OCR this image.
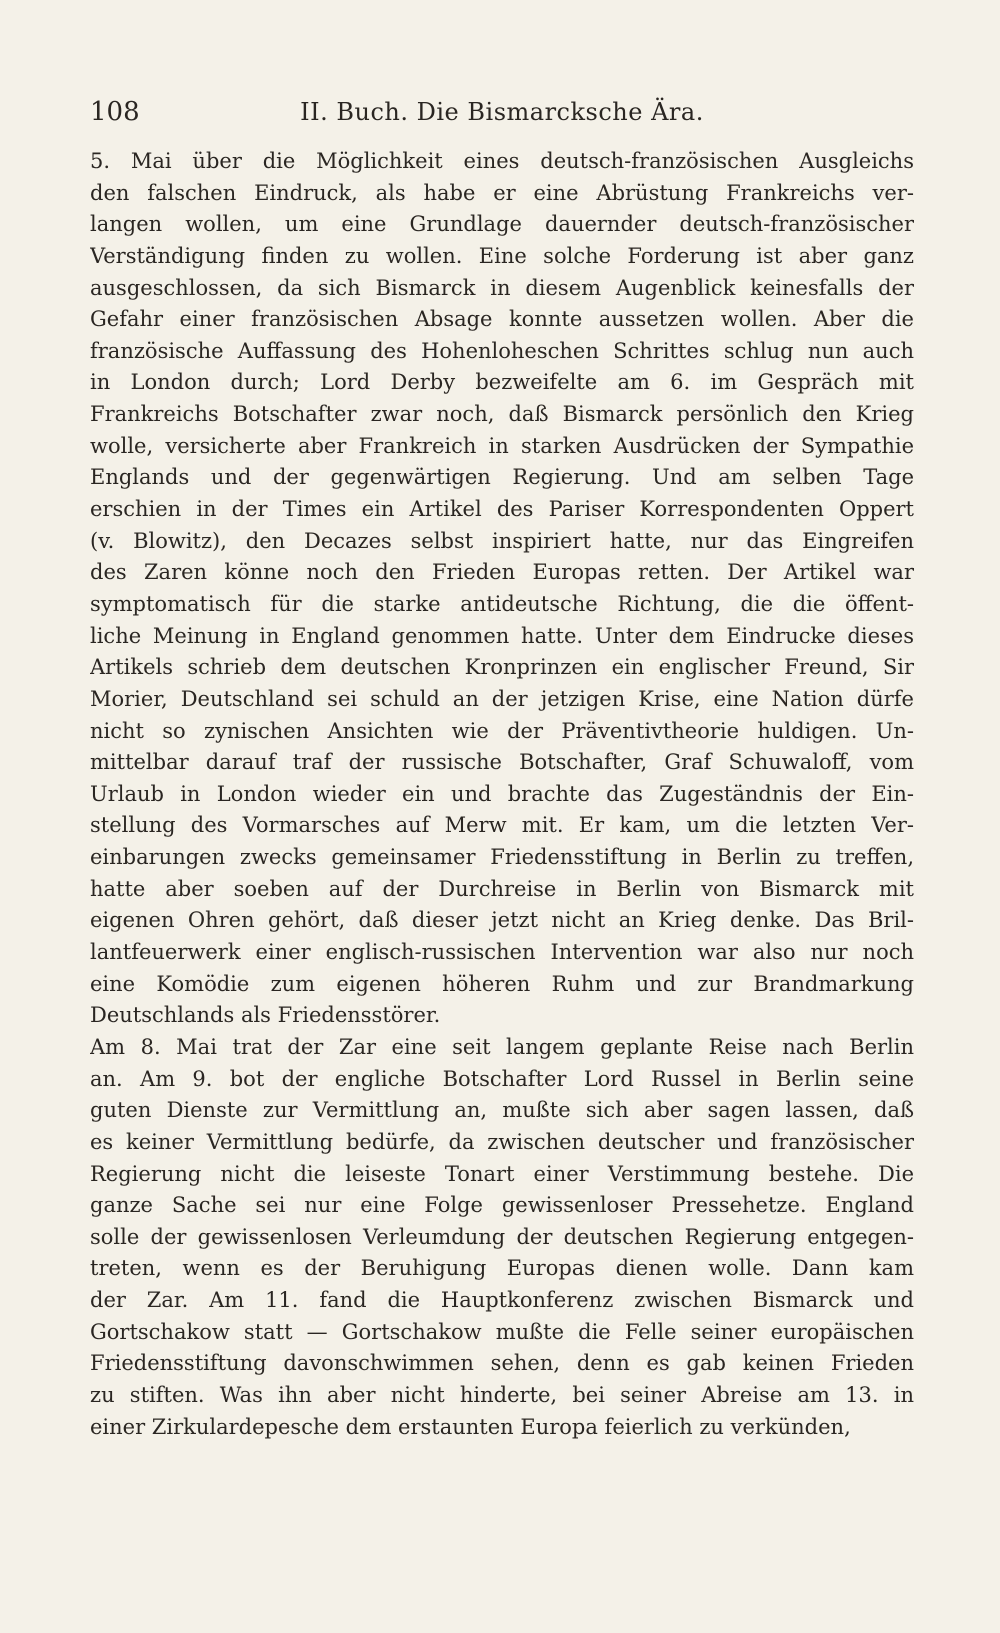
108	II. Buch. Die Bismarcksche Ära.
5. Mai über die Möglichkeit eines deutsch-französischen Ausgleichs
den falschen Eindruck, als habe er eine Abrüstung Frankreichs ver-
langen wollen, um eine Grundlage dauernder deutsch-französischer
Verständigung finden zu wollen. Eine solche Forderung ist aber ganz
ausgeschlossen, da sich Bismarck in diesem Augenblick keinesfalls der
Gefahr einer französischen Absage konnte aussetzen wollen. Aber die
französische Auffassung des Hohenloheschen Schrittes schlug nun auch
in London durch; Lord Derby bezweifelte am 6. im Gespräch mit
Frankreichs Botschafter zwar noch, daß Bismarck persönlich den Krieg
wolle, versicherte aber Frankreich in starken Ausdrücken der Sympathie
Englands und der gegenwärtigen Regierung. Und am selben Tage
erschien in der Times ein Artikel des Pariser Korrespondenten Oppert
(v. Blowitz), den Decazes selbst inspiriert hatte, nur das Eingreifen
des Zaren könne noch den Frieden Europas retten. Der Artikel war
symptomatisch für die starke antideutsche Richtung, die die öffent-
liche Meinung in England genommen hatte. Unter dem Eindrucke dieses
Artikels schrieb dem deutschen Kronprinzen ein englischer Freund, Sir
Morier, Deutschland sei schuld an der jetzigen Krise, eine Nation dürfe
nicht so zynischen Ansichten wie der Präventivtheorie huldigen. Un-
mittelbar darauf traf der russische Botschafter, Graf Schuwaloff, vom
Urlaub in London wieder ein und brachte das Zugeständnis der Ein-
stellung des Vormarsches auf Merw mit. Er kam, um die letzten Ver-
einbarungen zwecks gemeinsamer Friedensstiftung in Berlin zu treffen,
hatte aber soeben auf der Durchreise in Berlin von Bismarck mit
eigenen Ohren gehört, daß dieser jetzt nicht an Krieg denke. Das Bril-
lantfeuerwerk einer englisch-russischen Intervention war also nur noch
eine Komödie zum eigenen höheren Ruhm und zur Brandmarkung
Deutschlands als Friedensstörer.
Am 8. Mai trat der Zar eine seit langem geplante Reise nach Berlin
an. Am 9. bot der engliche Botschafter Lord Russel in Berlin seine
guten Dienste zur Vermittlung an, mußte sich aber sagen lassen, daß
es keiner Vermittlung bedürfe, da zwischen deutscher und französischer
Regierung nicht die leiseste Tonart einer Verstimmung bestehe. Die
ganze Sache sei nur eine Folge gewissenloser Pressehetze. England
solle der gewissenlosen Verleumdung der deutschen Regierung entgegen-
treten, wenn es der Beruhigung Europas dienen wolle. Dann kam
der Zar. Am 11. fand die Hauptkonferenz zwischen Bismarck und
Gortschakow statt — Gortschakow mußte die Felle seiner europäischen
Friedensstiftung davonschwimmen sehen, denn es gab keinen Frieden
zu stiften. Was ihn aber nicht hinderte, bei seiner Abreise am 13. in
einer Zirkulardepesche dem erstaunten Europa feierlich zu verkünden,
